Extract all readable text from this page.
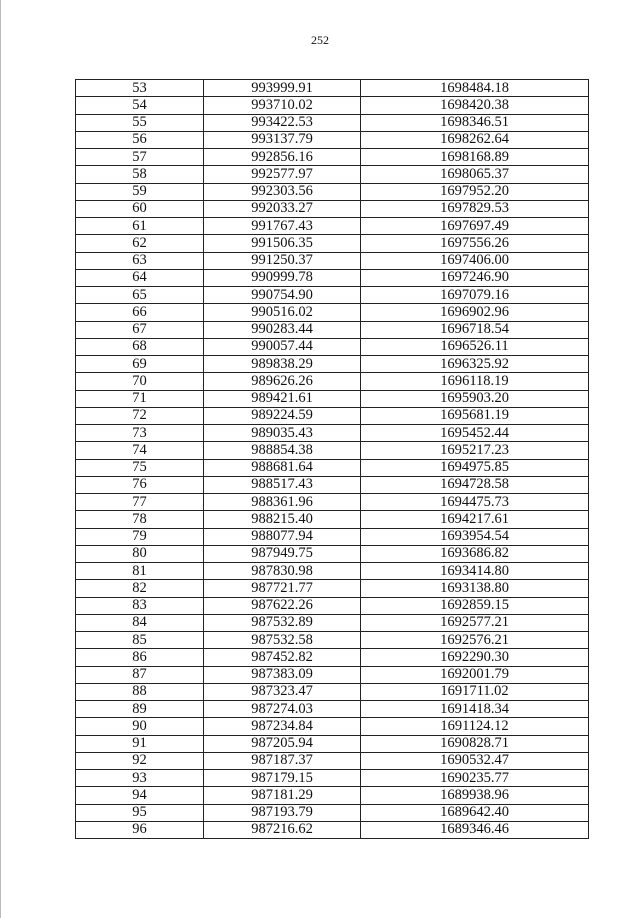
252
53	993999.91	1698484.18
54	993710.02	1698420.38
55	993422.53	1698346.51
56	993137.79	1698262.64
57	992856.16	1698168.89
58	992577.97	1698065.37
59	992303.56	1697952.20
60	992033.27	1697829.53
61	991767.43	1697697.49
62	991506.35	1697556.26
63	991250.37	1697406.00
64	990999.78	1697246.90
65	990754.90	1697079.16
66	990516.02	1696902.96
67	990283.44	1696718.54
68	990057.44	1696526.11
69	989838.29	1696325.92
70	989626.26	1696118.19
71	989421.61	1695903.20
72	989224.59	1695681.19
73	989035.43	1695452.44
74	988854.38	1695217.23
75	988681.64	1694975.85
76	988517.43	1694728.58
77	988361.96	1694475.73
78	988215.40	1694217.61
79	988077.94	1693954.54
80	987949.75	1693686.82
81	987830.98	1693414.80
82	987721.77	1693138.80
83	987622.26	1692859.15
84	987532.89	1692577.21
85	987532.58	1692576.21
86	987452.82	1692290.30
87	987383.09	1692001.79
88	987323.47	1691711.02
89	987274.03	1691418.34
90	987234.84	1691124.12
91	987205.94	1690828.71
92	987187.37	1690532.47
93	987179.15	1690235.77
94	987181.29	1689938.96
95	987193.79	1689642.40
96	987216.62	1689346.46
